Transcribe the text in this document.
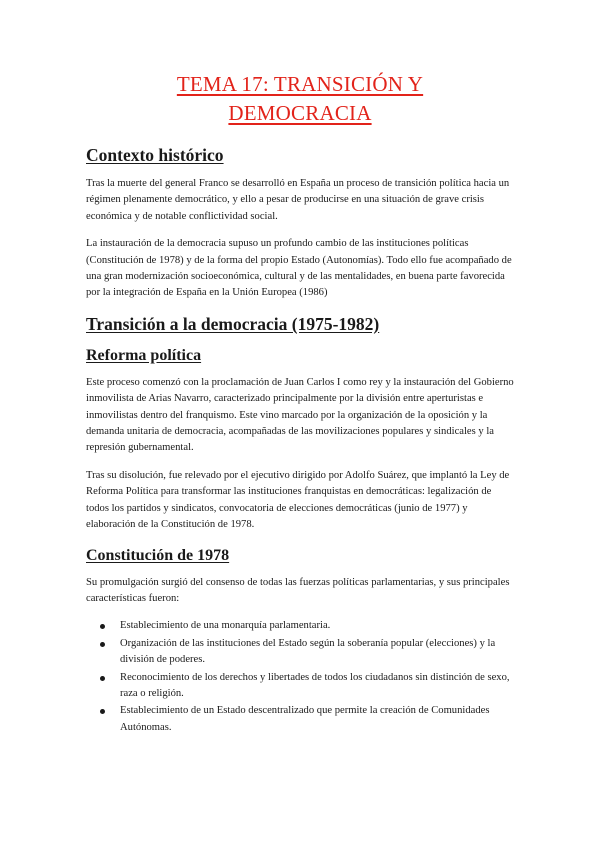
TEMA 17: TRANSICIÓN Y
DEMOCRACIA
Contexto histórico

Tras la muerte del general Franco se desarrolló en España un proceso de transición política hacia un régimen plenamente democrático, y ello a pesar de producirse en una situación de grave crisis económica y de notable conflictividad social.

La instauración de la democracia supuso un profundo cambio de las instituciones políticas (Constitución de 1978) y de la forma del propio Estado (Autonomías). Todo ello fue acompañado de una gran modernización socioeconómica, cultural y de las mentalidades, en buena parte favorecida por la integración de España en la Unión Europea (1986)

Transición a la democracia (1975-1982)
Reforma política

Este proceso comenzó con la proclamación de Juan Carlos I como rey y la instauración del Gobierno inmovilista de Arias Navarro, caracterizado principalmente por la división entre aperturistas e inmovilistas dentro del franquismo. Este vino marcado por la organización de la oposición y la demanda unitaria de democracia, acompañadas de las movilizaciones populares y sindicales y la represión gubernamental.

Tras su disolución, fue relevado por el ejecutivo dirigido por Adolfo Suárez, que implantó la Ley de Reforma Política para transformar las instituciones franquistas en democráticas: legalización de todos los partidos y sindicatos, convocatoria de elecciones democráticas (junio de 1977) y elaboración de la Constitución de 1978.

Constitución de 1978

Su promulgación surgió del consenso de todas las fuerzas políticas parlamentarias, y sus principales características fueron:

Establecimiento de una monarquía parlamentaria.
Organización de las instituciones del Estado según la soberanía popular (elecciones) y la división de poderes.
Reconocimiento de los derechos y libertades de todos los ciudadanos sin distinción de sexo, raza o religión.
Establecimiento de un Estado descentralizado que permite la creación de Comunidades Autónomas.
